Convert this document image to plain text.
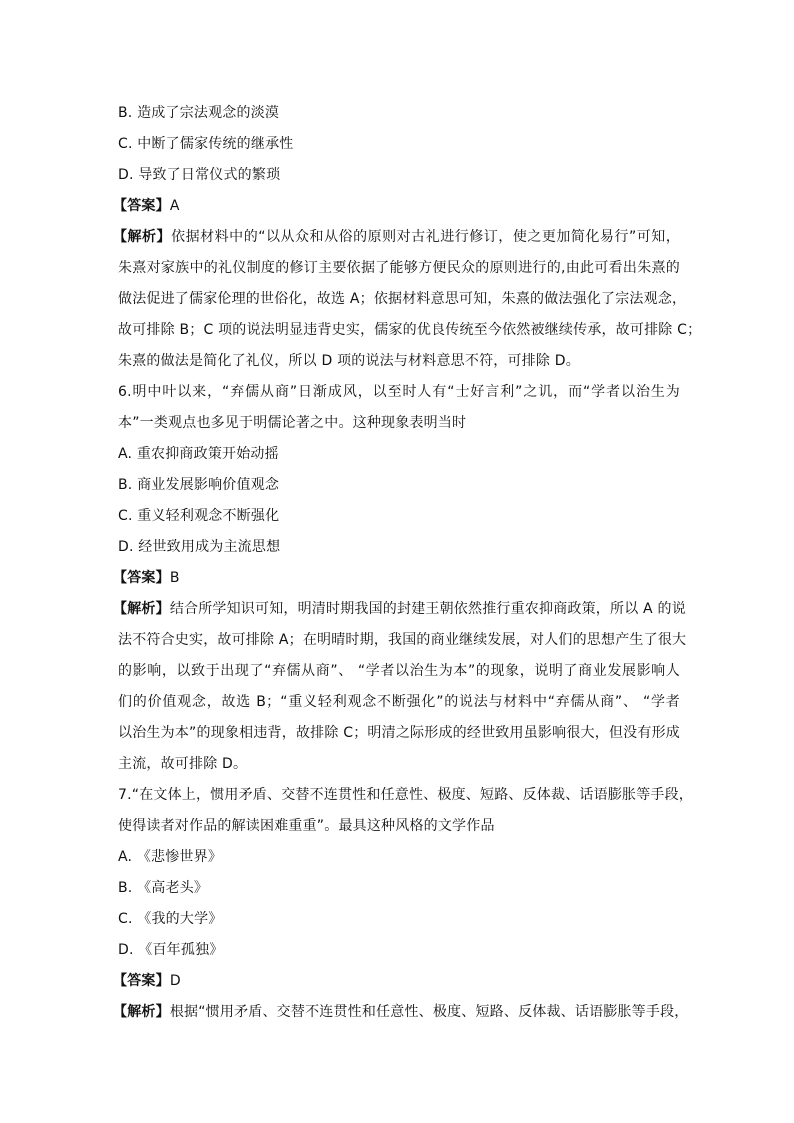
B. 造成了宗法观念的淡漠
C. 中断了儒家传统的继承性
D. 导致了日常仪式的繁琐
【答案】A
【解析】依据材料中的“以从众和从俗的原则对古礼进行修订，使之更加简化易行”可知，
朱熹对家族中的礼仪制度的修订主要依据了能够方便民众的原则进行的,由此可看出朱熹的
做法促进了儒家伦理的世俗化，故选 A；依据材料意思可知，朱熹的做法强化了宗法观念，
故可排除 B；C 项的说法明显违背史实，儒家的优良传统至今依然被继续传承，故可排除 C；
朱熹的做法是简化了礼仪，所以 D 项的说法与材料意思不符，可排除 D。
6.明中叶以来，“弃儒从商”日渐成风，以至时人有“士好言利”之讥，而“学者以治生为
本”一类观点也多见于明儒论著之中。这种现象表明当时
A. 重农抑商政策开始动摇
B. 商业发展影响价值观念
C. 重义轻利观念不断强化
D. 经世致用成为主流思想
【答案】B
【解析】结合所学知识可知，明清时期我国的封建王朝依然推行重农抑商政策，所以 A 的说
法不符合史实，故可排除 A；在明晴时期，我国的商业继续发展，对人们的思想产生了很大
的影响，以致于出现了“弃儒从商”、 “学者以治生为本”的现象，说明了商业发展影响人
们的价值观念，故选 B；“重义轻利观念不断强化”的说法与材料中“弃儒从商”、 “学者
以治生为本”的现象相违背，故排除 C；明清之际形成的经世致用虽影响很大，但没有形成
主流，故可排除 D。
7.“在文体上，惯用矛盾、交替不连贯性和任意性、极度、短路、反体裁、话语膨胀等手段，
使得读者对作品的解读困难重重”。最具这种风格的文学作品
A. 《悲惨世界》
B. 《高老头》
C. 《我的大学》
D. 《百年孤独》
【答案】D
【解析】根据“惯用矛盾、交替不连贯性和任意性、极度、短路、反体裁、话语膨胀等手段，
